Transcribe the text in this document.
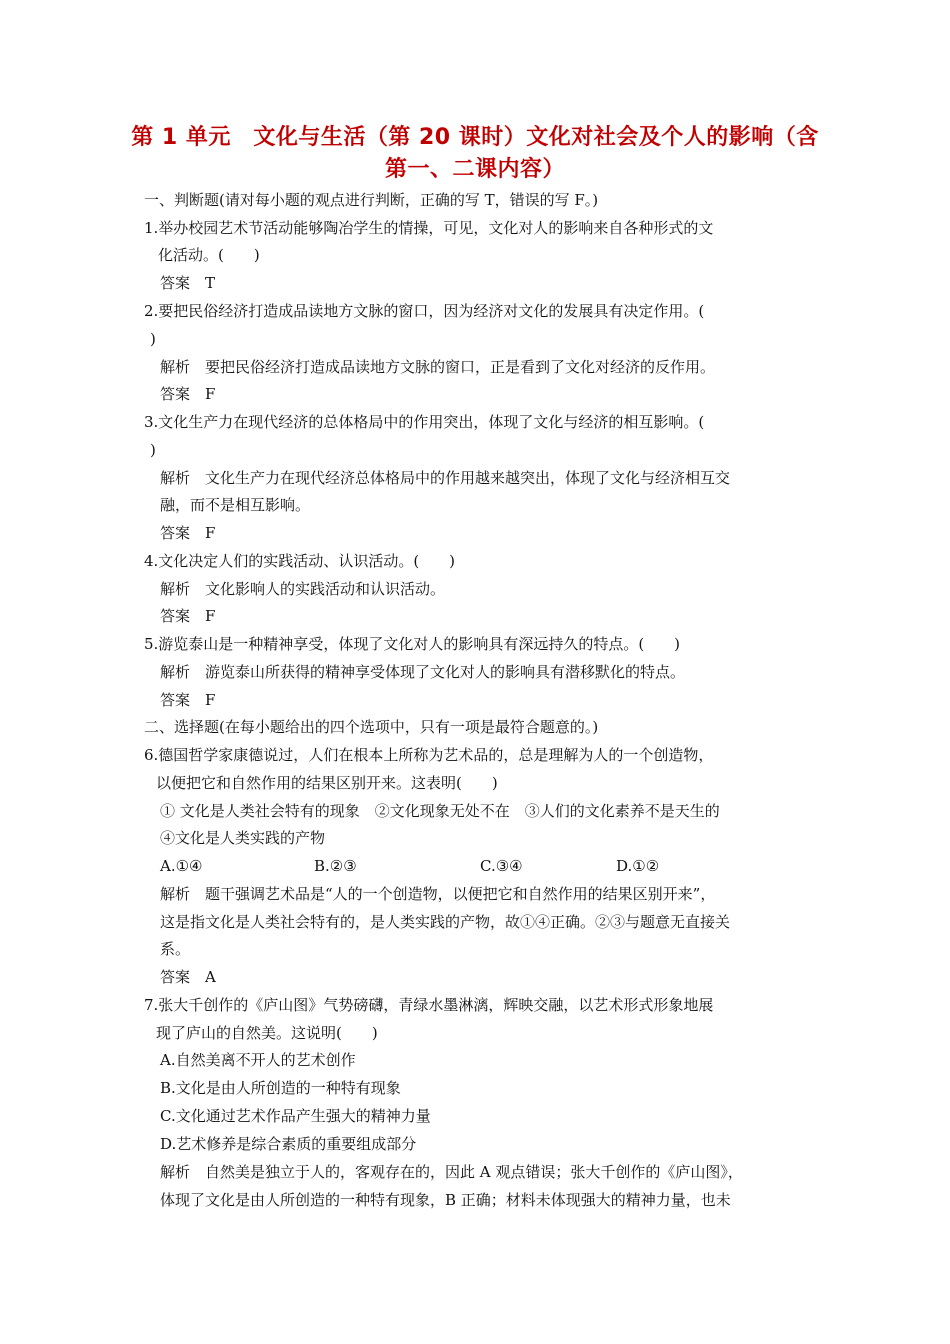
第 1 单元　文化与生活（第 20 课时）文化对社会及个人的影响（含
第一、二课内容）
一、判断题(请对每小题的观点进行判断，正确的写 T，错误的写 F。)
1.举办校园艺术节活动能够陶冶学生的情操，可见，文化对人的影响来自各种形式的文
化活动。(　　)
答案　T
2.要把民俗经济打造成品读地方文脉的窗口，因为经济对文化的发展具有决定作用。(
)
解析　要把民俗经济打造成品读地方文脉的窗口，正是看到了文化对经济的反作用。
答案　F
3.文化生产力在现代经济的总体格局中的作用突出，体现了文化与经济的相互影响。(
)
解析　文化生产力在现代经济总体格局中的作用越来越突出，体现了文化与经济相互交
融，而不是相互影响。
答案　F
4.文化决定人们的实践活动、认识活动。(　　)
解析　文化影响人的实践活动和认识活动。
答案　F
5.游览泰山是一种精神享受，体现了文化对人的影响具有深远持久的特点。(　　)
解析　游览泰山所获得的精神享受体现了文化对人的影响具有潜移默化的特点。
答案　F
二、选择题(在每小题给出的四个选项中，只有一项是最符合题意的。)
6.德国哲学家康德说过，人们在根本上所称为艺术品的，总是理解为人的一个创造物，
以便把它和自然作用的结果区别开来。这表明(　　)
① 文化是人类社会特有的现象　②文化现象无处不在　③人们的文化素养不是天生的
④文化是人类实践的产物
A.①④	B.②③	C.③④	D.①②
解析　题干强调艺术品是“人的一个创造物，以便把它和自然作用的结果区别开来”，
这是指文化是人类社会特有的，是人类实践的产物，故①④正确。②③与题意无直接关
系。
答案　A
7.张大千创作的《庐山图》气势磅礴，青绿水墨淋漓，辉映交融，以艺术形式形象地展
现了庐山的自然美。这说明(　　)
A.自然美离不开人的艺术创作
B.文化是由人所创造的一种特有现象
C.文化通过艺术作品产生强大的精神力量
D.艺术修养是综合素质的重要组成部分
解析　自然美是独立于人的，客观存在的，因此 A 观点错误；张大千创作的《庐山图》，
体现了文化是由人所创造的一种特有现象，B 正确；材料未体现强大的精神力量，也未
